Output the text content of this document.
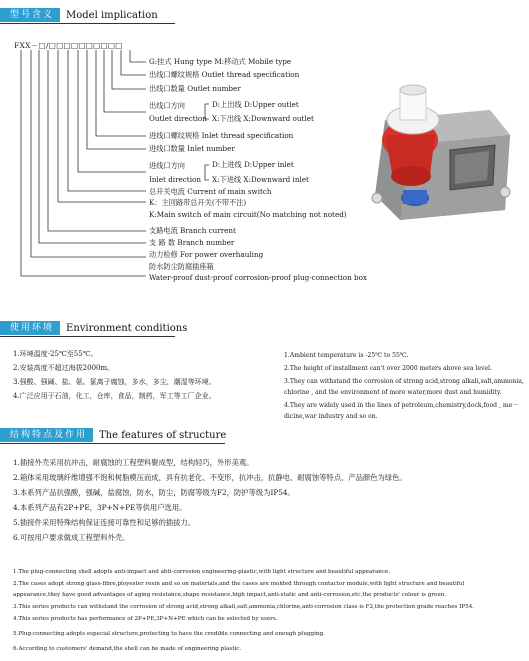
型号含义	Model implication
FXX－□/□□□□□□□□□□
G:挂式 Hung type M:移动式 Mobile type
出线口螺纹规格 Outlet thread specification
出线口数量 Outlet number
出线口方向
Outlet direction
D:上出线 D:Upper outlet
X:下出线 X:Downward outlet
进线口螺纹规格 Inlet thread specification
进线口数量 Inlet number
进线口方向
Inlet direction
D:上进线 D:Upper inlet
X:下进线 X:Downward inlet
总开关电流 Current of main switch
K：主回路带总开关(不带不注)
K:Main switch of main circuit(No matching not noted)
支路电流 Branch current
支 路 数 Branch number
动力检修 For power overhauling
防水防尘防腐插座箱
Water-proof dust-proof corrosion-proof plug-connection box
使用环境	Environment conditions
1.环境温度-25℃至55℃。
2.安装高度不超过海拔2000m。
3.强酸、强碱、盐、氨、氯离子腐蚀，多水，多尘，潮湿等环境。
4.广泛应用于石油，化工，仓库，食品，制药，军工等工厂企业。
1.Ambient temperature is -25℃ to 55℃.
2.The height of installment can't over 2000 meters above sea level.
3.They can withstand the corrosion of strong acid,strong alkali,salt,ammonia,
chlorine , and the environment of more water,more dust and humidity.
4.They are widely used in the lines of petroleum,chemistry,dock,food , me－
dicine,war industry and so on.
结构特点及作用	The features of structure
1.插接外壳采用抗冲击，耐腐蚀的工程塑料聚成型，结构轻巧，外形美观。
2.箱体采用玻璃纤维增强不饱和树脂模压而成，具有抗老化、不变形，抗冲击，抗静电、耐腐蚀等特点，产品颜色为绿色。
3.本系列产品抗强酸，强碱，盐腐蚀，防水，防尘，防腐等级为F2，防护等级为IP54。
4.本系列产品有2P+PE，3P+N+PE等供用户选用。
5.插接件采用特殊结构保证连接可靠性和足够的插拔力。
6.可按用户要求做成工程塑料外壳。
1.The plug-connecting shell adopts anti-impact and abti-corrosion engineering-plastic,with light structure and beautiful appearance.
2.The cases adopt strong glass-fibre,ployester resin and so on materials,and the cases are molded through contactor module,with light structure and beautiful
appearance,they have good advantages of aging resistance,shape resistance,high impact,anti-static and anti-corrosion,etc,the products' colour is green.
3.This series products can withstand the corrosion of strong acid,strong alkali,salt,ammonia,chlorine,anti-corrosion class is F2,the protection grade reaches IP54.
4.This series products has performance of 2P+PE,3P+N+PE which can be selected by users.
5.Plug-connecting adopts especial structure,protecting to have the credible connecting and enough plugging.
6.According to customers' demand,the shell can be made of engineering plastic.
